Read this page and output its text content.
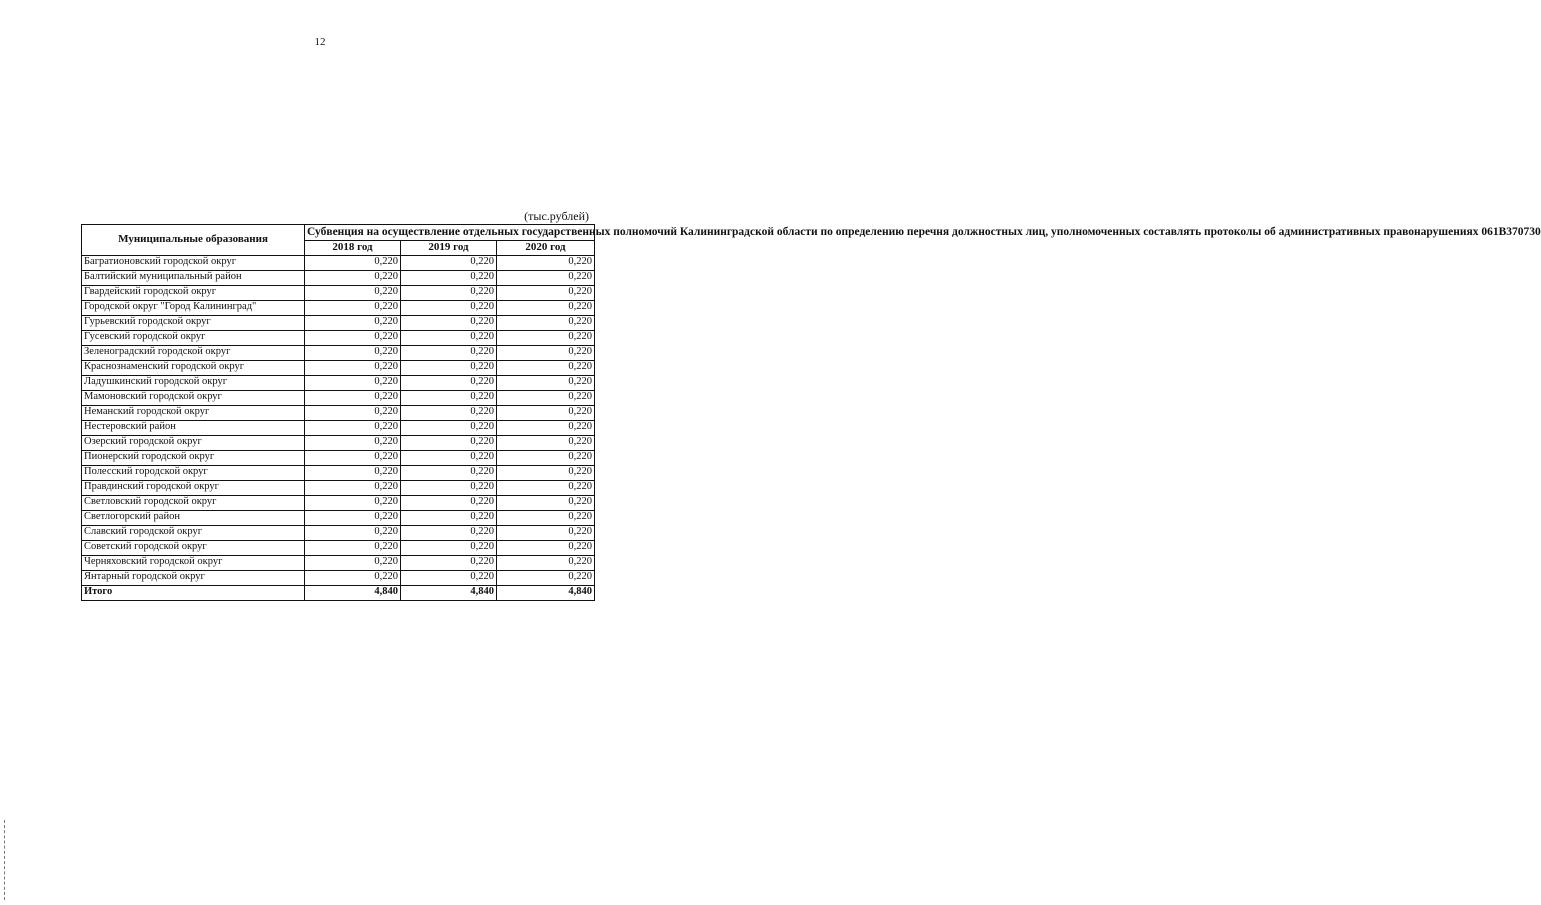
12
(тыс.рублей)
Муниципальные образования	Субвенция на осуществление отдельных государственных полномочий Калининградской области по определению перечня должностных лиц, уполномоченных составлять протоколы об административных правонарушениях 061В370730		
	2018 год	2019 год	2020 год
Багратионовский городской округ	0,220	0,220	0,220
Балтийский муниципальный район	0,220	0,220	0,220
Гвардейский городской округ	0,220	0,220	0,220
Городской округ "Город Калининград"	0,220	0,220	0,220
Гурьевский городской округ	0,220	0,220	0,220
Гусевский городской округ	0,220	0,220	0,220
Зеленоградский городской округ	0,220	0,220	0,220
Краснознаменский городской округ	0,220	0,220	0,220
Ладушкинский городской округ	0,220	0,220	0,220
Мамоновский городской округ	0,220	0,220	0,220
Неманский городской округ	0,220	0,220	0,220
Нестеровский район	0,220	0,220	0,220
Озерский городской округ	0,220	0,220	0,220
Пионерский городской округ	0,220	0,220	0,220
Полесский городской округ	0,220	0,220	0,220
Правдинский городской округ	0,220	0,220	0,220
Светловский городской округ	0,220	0,220	0,220
Светлогорский район	0,220	0,220	0,220
Славский городской округ	0,220	0,220	0,220
Советский городской округ	0,220	0,220	0,220
Черняховский городской округ	0,220	0,220	0,220
Янтарный городской округ	0,220	0,220	0,220
Итого	4,840	4,840	4,840
